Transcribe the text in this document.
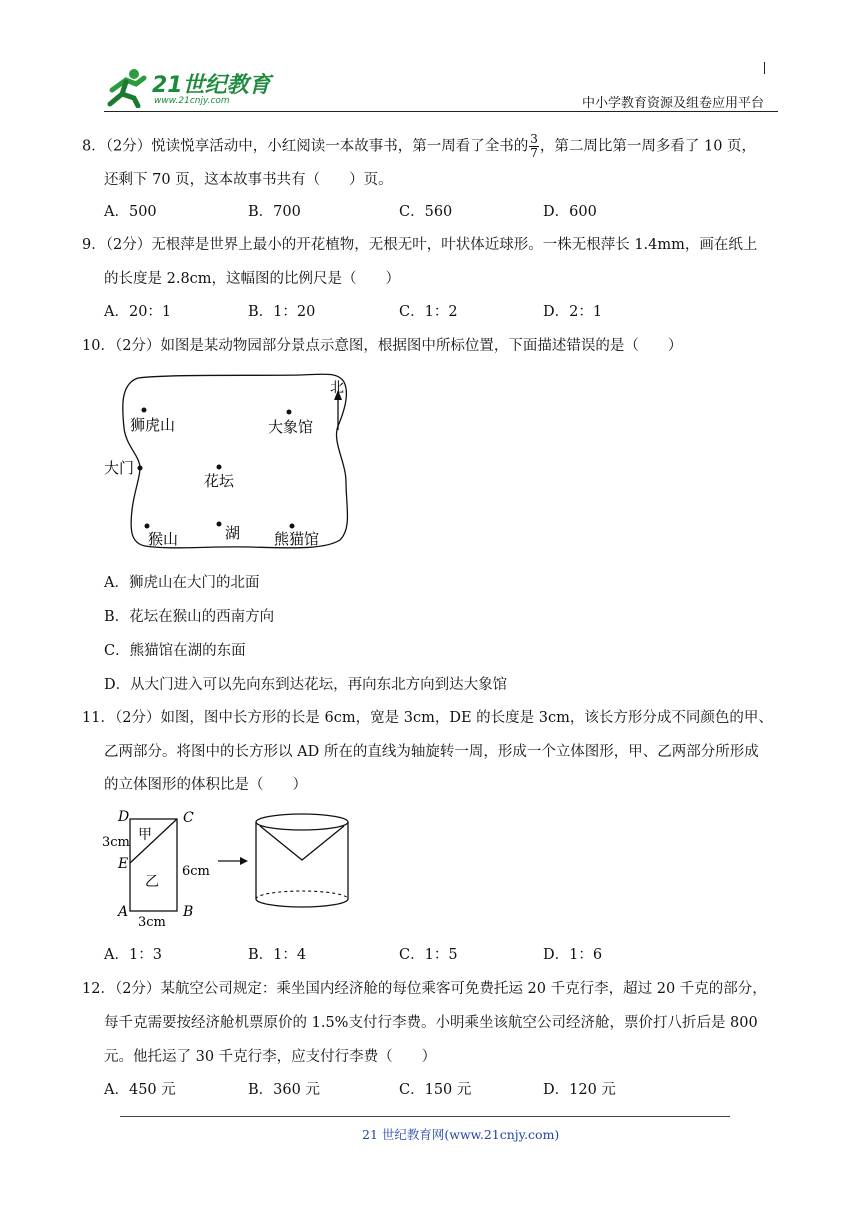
21世纪教育
www.21cnjy.com	中小学教育资源及组卷应用平台
8．（2分）悦读悦享活动中，小红阅读一本故事书，第一周看了全书的 $\frac{3}{7}$ ，第二周比第一周多看了 10 页，
还剩下 70 页，这本故事书共有（　　）页。
A．500	B．700	C．560	D．600
9．（2分）无根萍是世界上最小的开花植物，无根无叶，叶状体近球形。一株无根萍长 1.4mm，画在纸上
的长度是 2.8cm，这幅图的比例尺是（　　）
A．20：1	B．1：20	C．1：2	D．2：1
10．（2分）如图是某动物园部分景点示意图，根据图中所标位置，下面描述错误的是（　　）
北
狮虎山	大象馆
大门
花坛
猴山	湖 熊猫馆
A．狮虎山在大门的北面
B．花坛在猴山的西南方向
C．熊猫馆在湖的东面
D．从大门进入可以先向东到达花坛，再向东北方向到达大象馆
11．（2分）如图，图中长方形的长是 6cm，宽是 3cm，DE 的长度是 3cm，该长方形分成不同颜色的甲、
乙两部分。将图中的长方形以 AD 所在的直线为轴旋转一周，形成一个立体图形，甲、乙两部分所形成
的立体图形的体积比是（　　）
D	C
E
A	B
甲
乙
3cm
6cm
3cm
A．1：3	B．1：4	C．1：5	D．1：6
12．（2分）某航空公司规定：乘坐国内经济舱的每位乘客可免费托运 20 千克行李，超过 20 千克的部分，
每千克需要按经济舱机票原价的 1.5%支付行李费。小明乘坐该航空公司经济舱，票价打八折后是 800
元。他托运了 30 千克行李，应支付行李费（　　）
A．450 元	B．360 元	C．150 元	D．120 元
21 世纪教育网(www.21cnjy.com)
